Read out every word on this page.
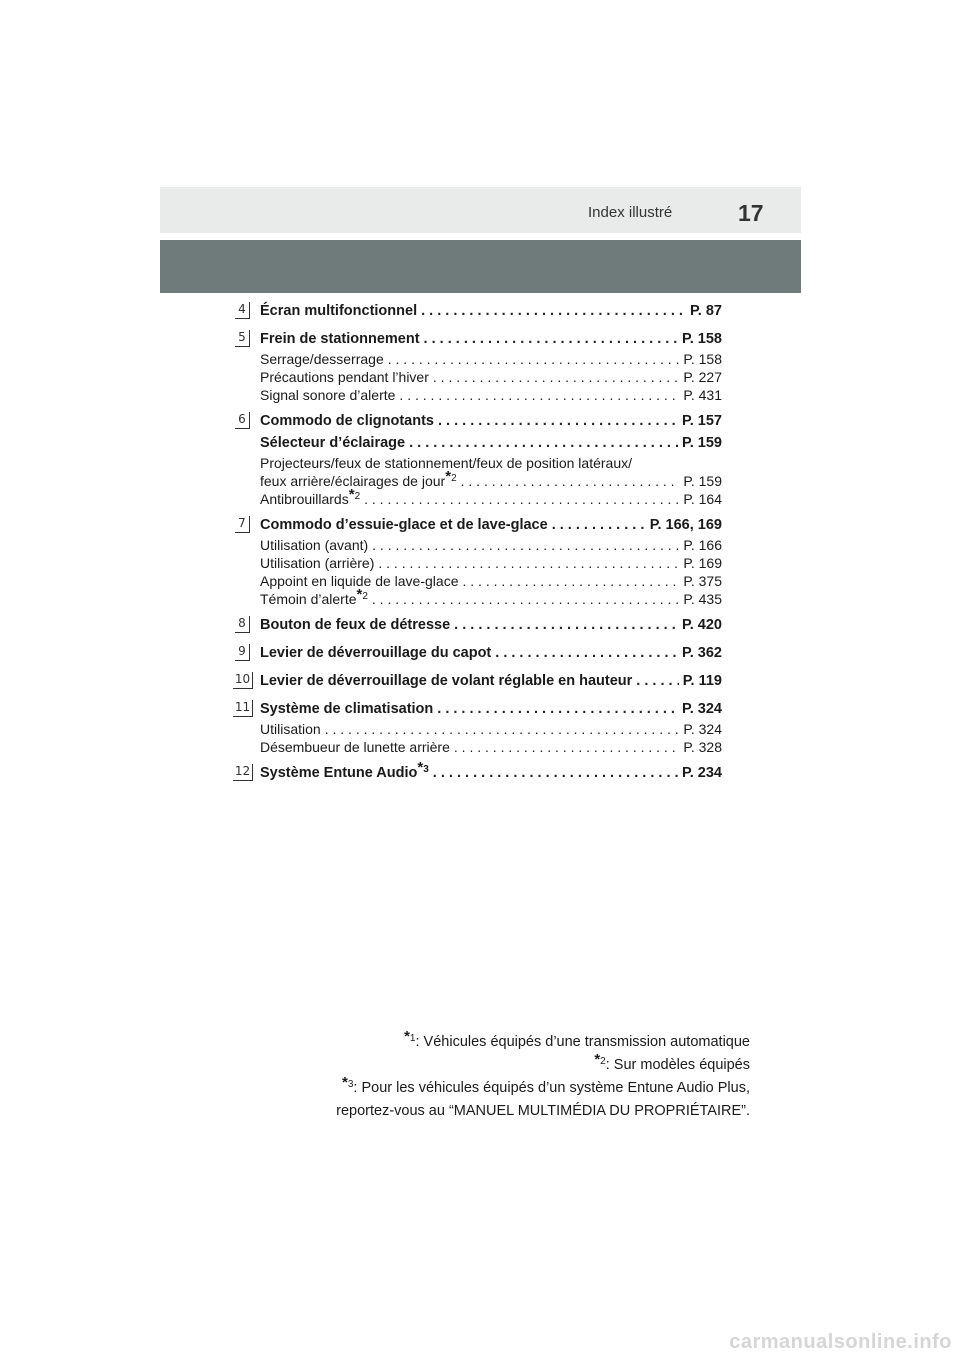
Index illustré	17
4 Écran multifonctionnel . . .	P. 87
5 Frein de stationnement . . .	P. 158
Serrage/desserrage . . .	P. 158
Précautions pendant l’hiver . . .	P. 227
Signal sonore d’alerte . . .	P. 431
6 Commodo de clignotants . . .	P. 157
Sélecteur d’éclairage . . .	P. 159
Projecteurs/feux de stationnement/feux de position latéraux/
feux arrière/éclairages de jour$^{*2}$ . . .	P. 159
Antibrouillards$^{*2}$ . . .	P. 164
7 Commodo d’essuie-glace et de lave-glace . . .	P. 166, 169
Utilisation (avant) . . .	P. 166
Utilisation (arrière) . . .	P. 169
Appoint en liquide de lave-glace . . .	P. 375
Témoin d’alerte$^{*2}$ . . .	P. 435
8 Bouton de feux de détresse . . .	P. 420
9 Levier de déverrouillage du capot . . .	P. 362
10 Levier de déverrouillage de volant réglable en hauteur . . .	P. 119
11 Système de climatisation . . .	P. 324
Utilisation . . .	P. 324
Désembueur de lunette arrière . . .	P. 328
12 Système Entune Audio$^{*3}$ . . .	P. 234
$^{*1}$: Véhicules équipés d’une transmission automatique
$^{*2}$: Sur modèles équipés
$^{*3}$: Pour les véhicules équipés d’un système Entune Audio Plus,
reportez-vous au “MANUEL MULTIMÉDIA DU PROPRIÉTAIRE”.
carmanualsonline.info
